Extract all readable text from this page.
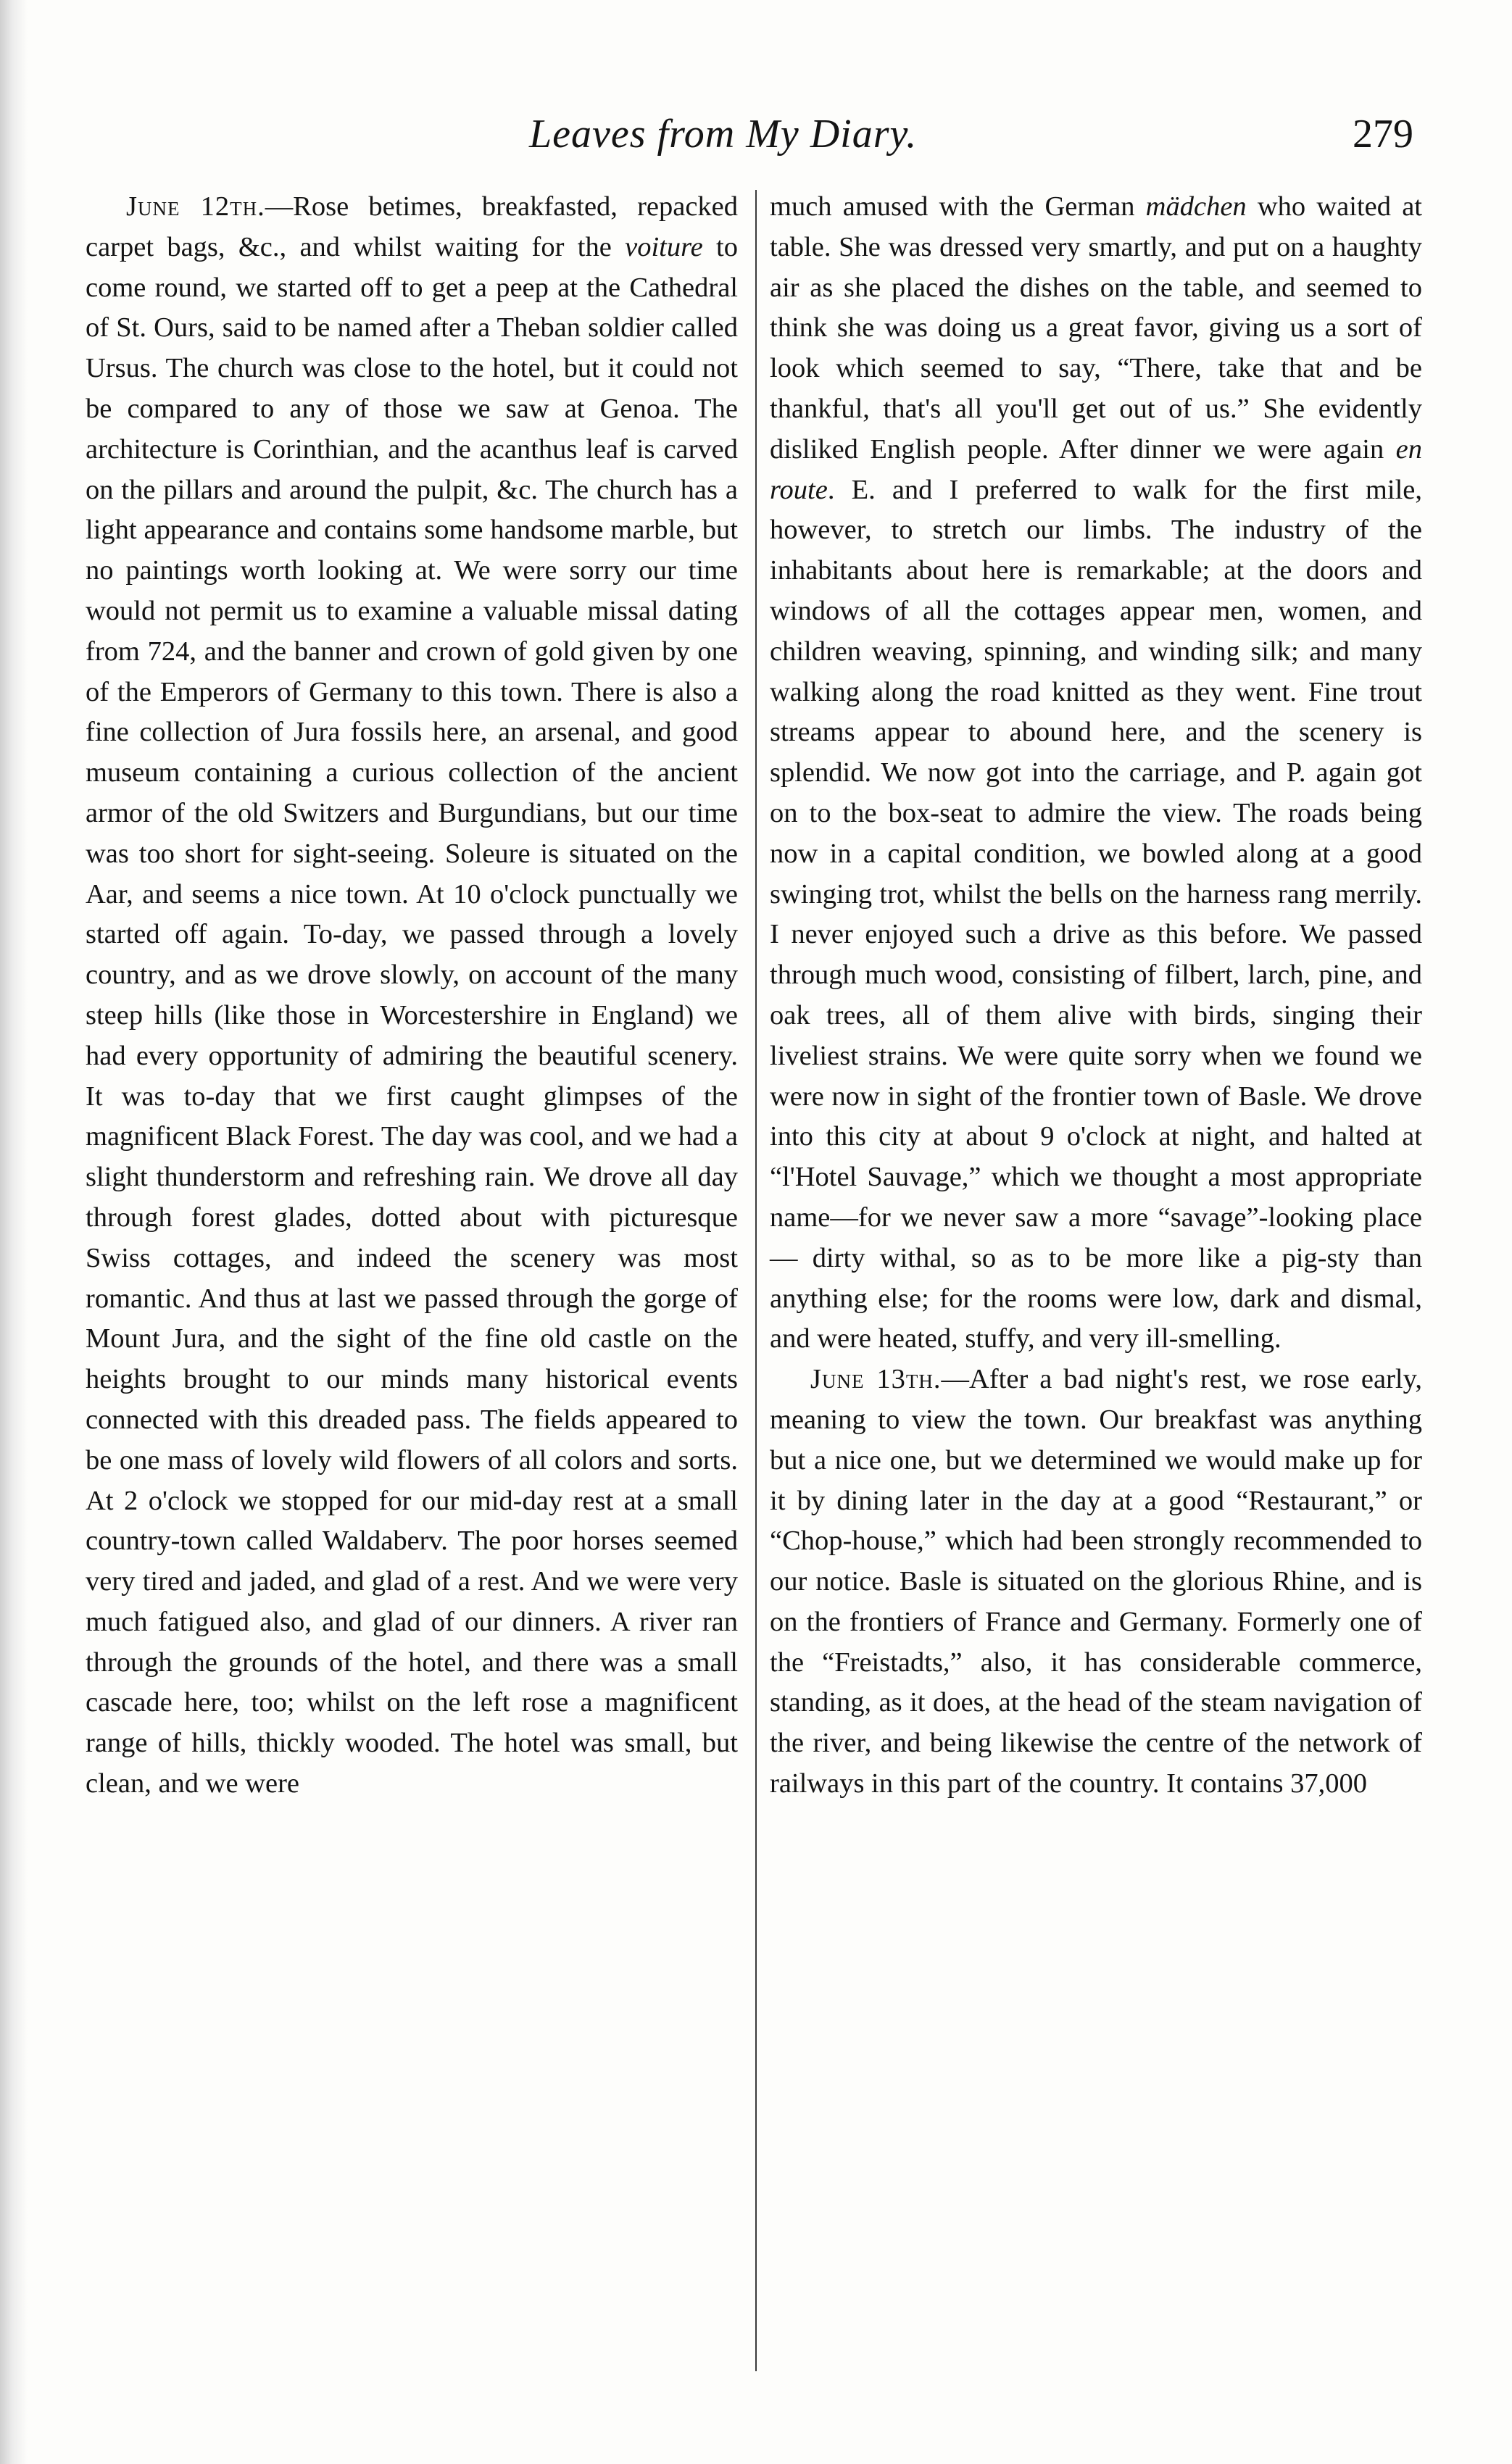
Leaves from My Diary.	279

June 12th.—Rose betimes, breakfasted, repacked carpet bags, &c., and whilst waiting for the voiture to come round, we started off to get a peep at the Cathedral of St. Ours, said to be named after a Theban soldier called Ursus. The church was close to the hotel, but it could not be compared to any of those we saw at Genoa. The architecture is Corinthian, and the acanthus leaf is carved on the pillars and around the pulpit, &c. The church has a light appearance and contains some handsome marble, but no paintings worth looking at. We were sorry our time would not permit us to examine a valuable missal dating from 724, and the banner and crown of gold given by one of the Emperors of Germany to this town. There is also a fine collection of Jura fossils here, an arsenal, and good museum containing a curious collection of the ancient armor of the old Switzers and Burgundians, but our time was too short for sight-seeing. Soleure is situated on the Aar, and seems a nice town. At 10 o'clock punctually we started off again. To-day, we passed through a lovely country, and as we drove slowly, on account of the many steep hills (like those in Worcestershire in England) we had every opportunity of admiring the beautiful scenery. It was to-day that we first caught glimpses of the magnificent Black Forest. The day was cool, and we had a slight thunderstorm and refreshing rain. We drove all day through forest glades, dotted about with picturesque Swiss cottages, and indeed the scenery was most romantic. And thus at last we passed through the gorge of Mount Jura, and the sight of the fine old castle on the heights brought to our minds many historical events connected with this dreaded pass. The fields appeared to be one mass of lovely wild flowers of all colors and sorts. At 2 o'clock we stopped for our mid-day rest at a small country-town called Waldaberv. The poor horses seemed very tired and jaded, and glad of a rest. And we were very much fatigued also, and glad of our dinners. A river ran through the grounds of the hotel, and there was a small cascade here, too; whilst on the left rose a magnificent range of hills, thickly wooded. The hotel was small, but clean, and we were

much amused with the German mädchen who waited at table. She was dressed very smartly, and put on a haughty air as she placed the dishes on the table, and seemed to think she was doing us a great favor, giving us a sort of look which seemed to say, “There, take that and be thankful, that's all you'll get out of us.” She evidently disliked English people. After dinner we were again en route. E. and I preferred to walk for the first mile, however, to stretch our limbs. The industry of the inhabitants about here is remarkable; at the doors and windows of all the cottages appear men, women, and children weaving, spinning, and winding silk; and many walking along the road knitted as they went. Fine trout streams appear to abound here, and the scenery is splendid. We now got into the carriage, and P. again got on to the box-seat to admire the view. The roads being now in a capital condition, we bowled along at a good swinging trot, whilst the bells on the harness rang merrily. I never enjoyed such a drive as this before. We passed through much wood, consisting of filbert, larch, pine, and oak trees, all of them alive with birds, singing their liveliest strains. We were quite sorry when we found we were now in sight of the frontier town of Basle. We drove into this city at about 9 o'clock at night, and halted at “l'Hotel Sauvage,” which we thought a most appropriate name—for we never saw a more “savage”-looking place — dirty withal, so as to be more like a pig-sty than anything else; for the rooms were low, dark and dismal, and were heated, stuffy, and very ill-smelling.

June 13th.—After a bad night's rest, we rose early, meaning to view the town. Our breakfast was anything but a nice one, but we determined we would make up for it by dining later in the day at a good “Restaurant,” or “Chop-house,” which had been strongly recommended to our notice. Basle is situated on the glorious Rhine, and is on the frontiers of France and Germany. Formerly one of the “Freistadts,” also, it has considerable commerce, standing, as it does, at the head of the steam navigation of the river, and being likewise the centre of the network of railways in this part of the country. It contains 37,000
